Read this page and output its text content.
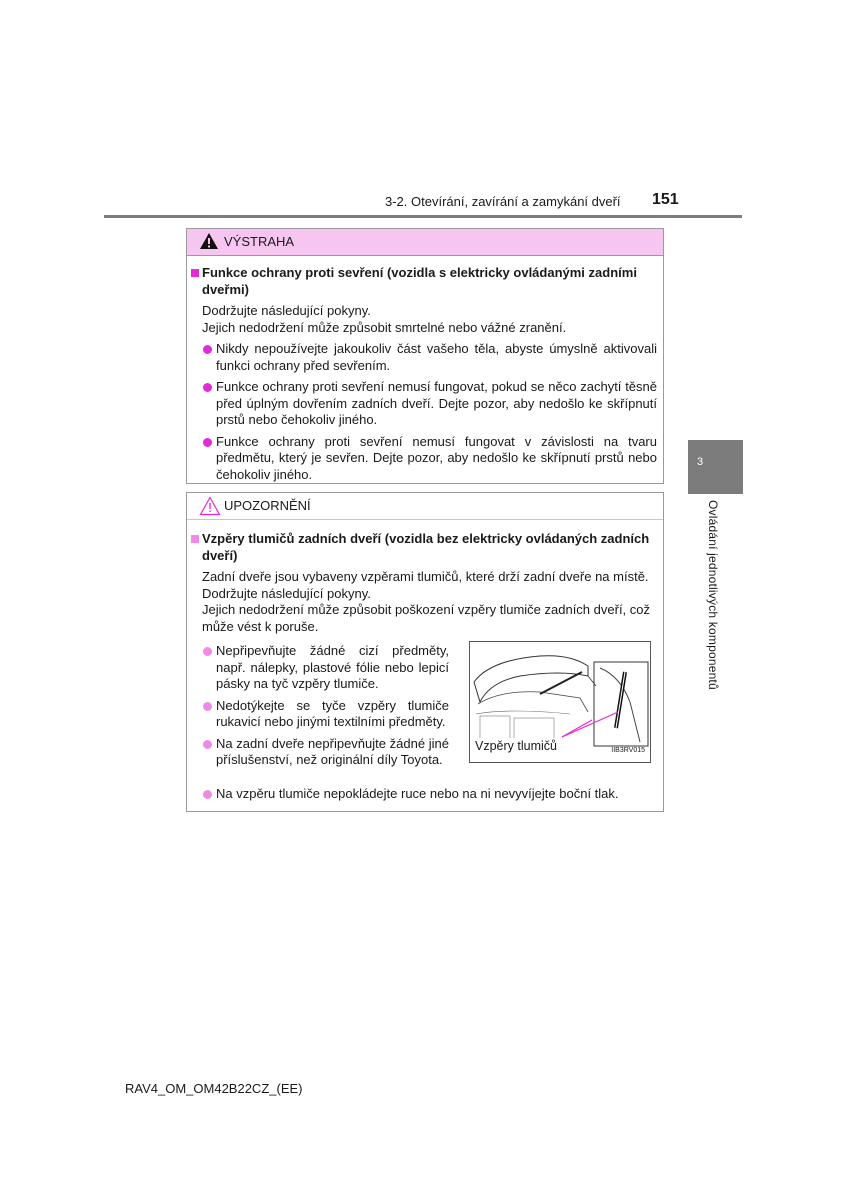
3-2. Otevírání, zavírání a zamykání dveří 151
3
Ovládání jednotlivých komponentů
VÝSTRAHA
Funkce ochrany proti sevření (vozidla s elektricky ovládanými zadními dveřmi)
Dodržujte následující pokyny.
Jejich nedodržení může způsobit smrtelné nebo vážné zranění.
Nikdy nepoužívejte jakoukoliv část vašeho těla, abyste úmyslně aktivovali funkci ochrany před sevřením.
Funkce ochrany proti sevření nemusí fungovat, pokud se něco zachytí těsně před úplným dovřením zadních dveří. Dejte pozor, aby nedošlo ke skřípnutí prstů nebo čehokoliv jiného.
Funkce ochrany proti sevření nemusí fungovat v závislosti na tvaru předmětu, který je sevřen. Dejte pozor, aby nedošlo ke skřípnutí prstů nebo čehokoliv jiného.
UPOZORNĚNÍ
Vzpěry tlumičů zadních dveří (vozidla bez elektricky ovládaných zadních dveří)
Zadní dveře jsou vybaveny vzpěrami tlumičů, které drží zadní dveře na místě.
Dodržujte následující pokyny.
Jejich nedodržení může způsobit poškození vzpěry tlumiče zadních dveří, což může vést k poruše.
Nepřipevňujte žádné cizí předměty, např. nálepky, plastové fólie nebo lepicí pásky na tyč vzpěry tlumiče.
Nedotýkejte se tyče vzpěry tlumiče rukavicí nebo jinými textilními předměty.
Na zadní dveře nepřipevňujte žádné jiné příslušenství, než originální díly Toyota.
Vzpěry tlumičů	IIB3RV015
Na vzpěru tlumiče nepokládejte ruce nebo na ni nevyvíjejte boční tlak.
RAV4_OM_OM42B22CZ_(EE)
